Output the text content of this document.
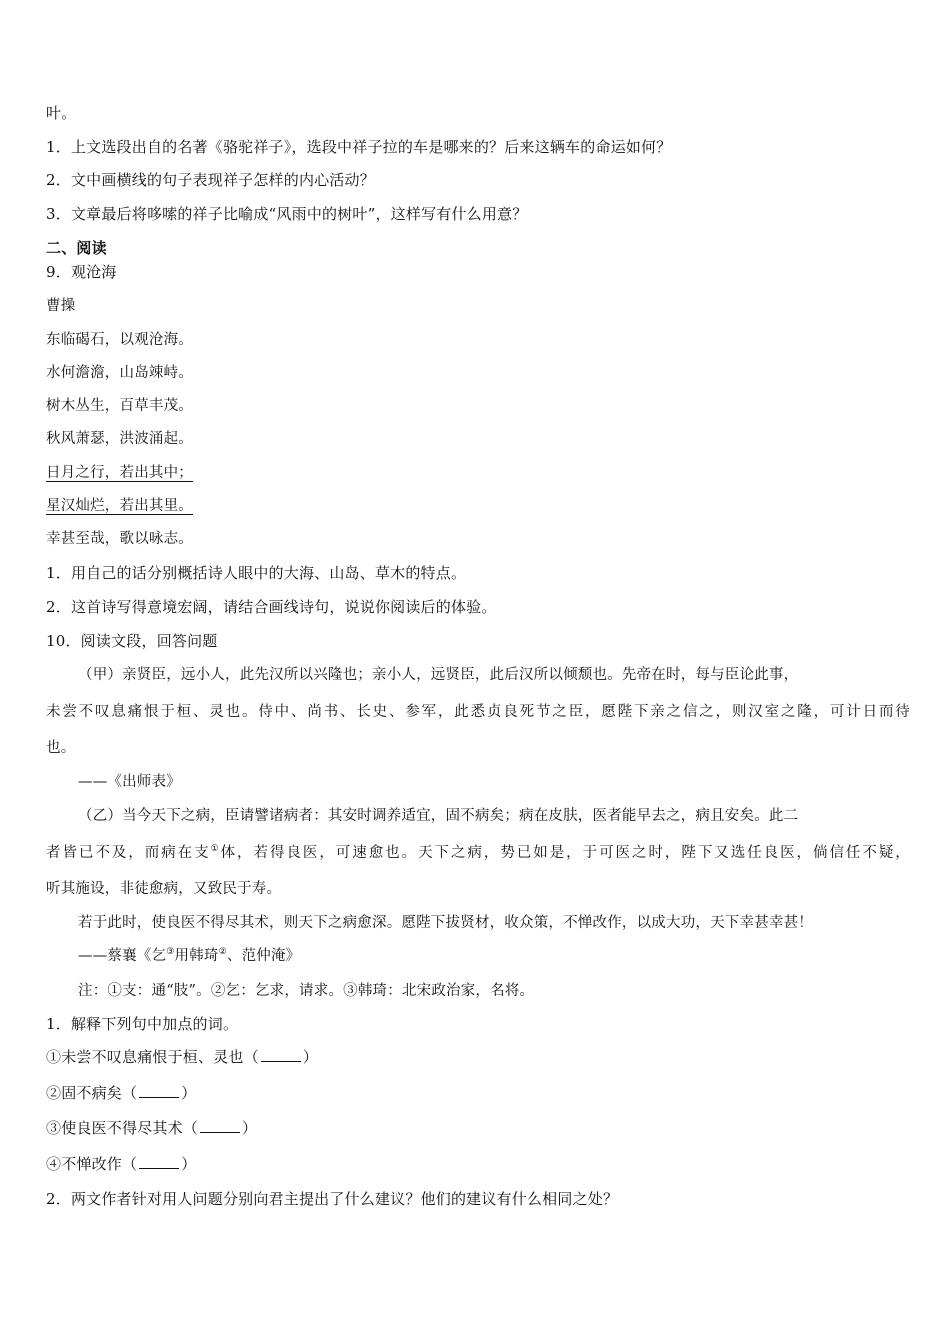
叶。
1．上文选段出自的名著《骆驼祥子》，选段中祥子拉的车是哪来的？后来这辆车的命运如何？
2．文中画横线的句子表现祥子怎样的内心活动？
3．文章最后将哆嗦的祥子比喻成“风雨中的树叶”，这样写有什么用意？
二、阅读
9．观沧海
曹操
东临碣石，以观沧海。
水何澹澹，山岛竦峙。
树木丛生，百草丰茂。
秋风萧瑟，洪波涌起。
日月之行，若出其中；
星汉灿烂，若出其里。
幸甚至哉，歌以咏志。
1．用自己的话分别概括诗人眼中的大海、山岛、草木的特点。
2．这首诗写得意境宏阔，请结合画线诗句，说说你阅读后的体验。
10．阅读文段，回答问题
（甲）亲贤臣，远小人，此先汉所以兴隆也；亲小人，远贤臣，此后汉所以倾颓也。先帝在时，每与臣论此事，
未尝不叹息痛恨于桓、灵也。侍中、尚书、长史、参军，此悉贞良死节之臣，愿陛下亲之信之，则汉室之隆，可计日而待
也。
——《出师表》
（乙）当今天下之病，臣请譬诸病者：其安时调养适宜，固不病矣；病在皮肤，医者能早去之，病且安矣。此二
者皆已不及，而病在支①体，若得良医，可速愈也。天下之病，势已如是，于可医之时，陛下又选任良医，倘信任不疑，
听其施设，非徒愈病，又致民于寿。
若于此时，使良医不得尽其术，则天下之病愈深。愿陛下拔贤材，收众策，不惮改作，以成大功，天下幸甚幸甚！
——蔡襄《乞③用韩琦②、范仲淹》
注：①支：通“肢”。②乞：乞求，请求。③韩琦：北宋政治家，名将。
1．解释下列句中加点的词。
①未尝不叹息痛恨于桓、灵也（	）
②固不病矣（	）
③使良医不得尽其术（	）
④不惮改作（	）
2．两文作者针对用人问题分别向君主提出了什么建议？他们的建议有什么相同之处？
